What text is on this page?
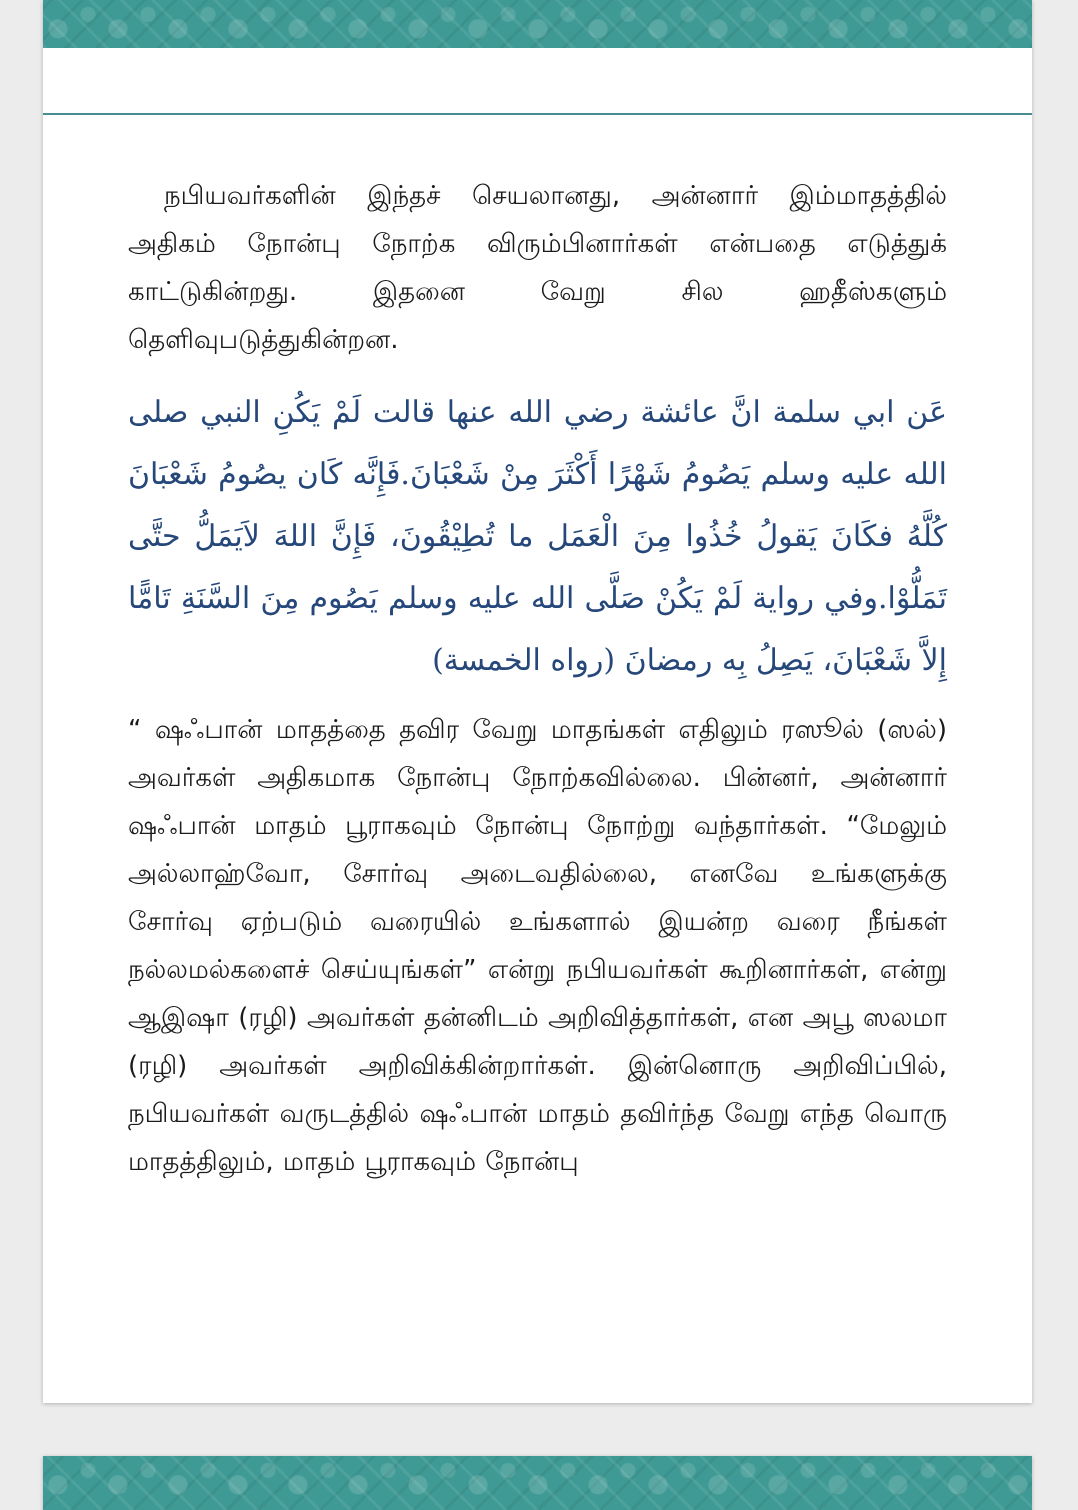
நபியவர்களின் இந்தச் செயலானது, அன்னார் இம்மாதத்தில் அதிகம் நோன்பு நோற்க விரும்பினார்கள் என்பதை எடுத்துக் காட்டுகின்றது. இதனை வேறு சில ஹதீஸ்களும் தெளிவுபடுத்துகின்றன.

عَن ابي سلمة انَّ عائشة رضي الله عنها قالت لَمْ يَكُنِ النبي صلى الله عليه وسلم يَصُومُ شَهْرًا أَكْثَرَ مِنْ شَعْبَانَ.فَإِنَّه كَان يصُومُ شَعْبَانَ كُلَّهُ فكَانَ يَقولُ خُذُوا مِنَ الْعَمَل ما تُطِيْقُونَ، فَإِنَّ اللهَ لاَيَمَلُّ حتَّى تَمَلُّوْا.وفي رواية لَمْ يَكُنْ صَلَّى الله عليه وسلم يَصُوم مِنَ السَّنَةِ تَامًّا إِلاَّ شَعْبَانَ، يَصِلُ بِه رمضانَ (رواه الخمسة)

“ ஷஃபான் மாதத்தை தவிர வேறு மாதங்கள் எதிலும் ரஸூல் (ஸல்) அவர்கள் அதிகமாக நோன்பு நோற்கவில்லை. பின்னர், அன்னார் ஷஃபான் மாதம் பூராகவும் நோன்பு நோற்று வந்தார்கள். “மேலும் அல்லாஹ்வோ, சோர்வு அடைவதில்லை, எனவே உங்களுக்கு சோர்வு ஏற்படும் வரையில் உங்களால் இயன்ற வரை நீங்கள் நல்லமல்களைச் செய்யுங்கள்” என்று நபியவர்கள் கூறினார்கள், என்று ஆஇஷா (ரழி) அவர்கள் தன்னிடம் அறிவித்தார்கள், என அபூ ஸலமா (ரழி) அவர்கள் அறிவிக்கின்றார்கள். இன்னொரு அறிவிப்பில், நபியவர்கள் வருடத்தில் ஷஃபான் மாதம் தவிர்ந்த வேறு எந்த வொரு மாதத்திலும், மாதம் பூராகவும் நோன்பு
